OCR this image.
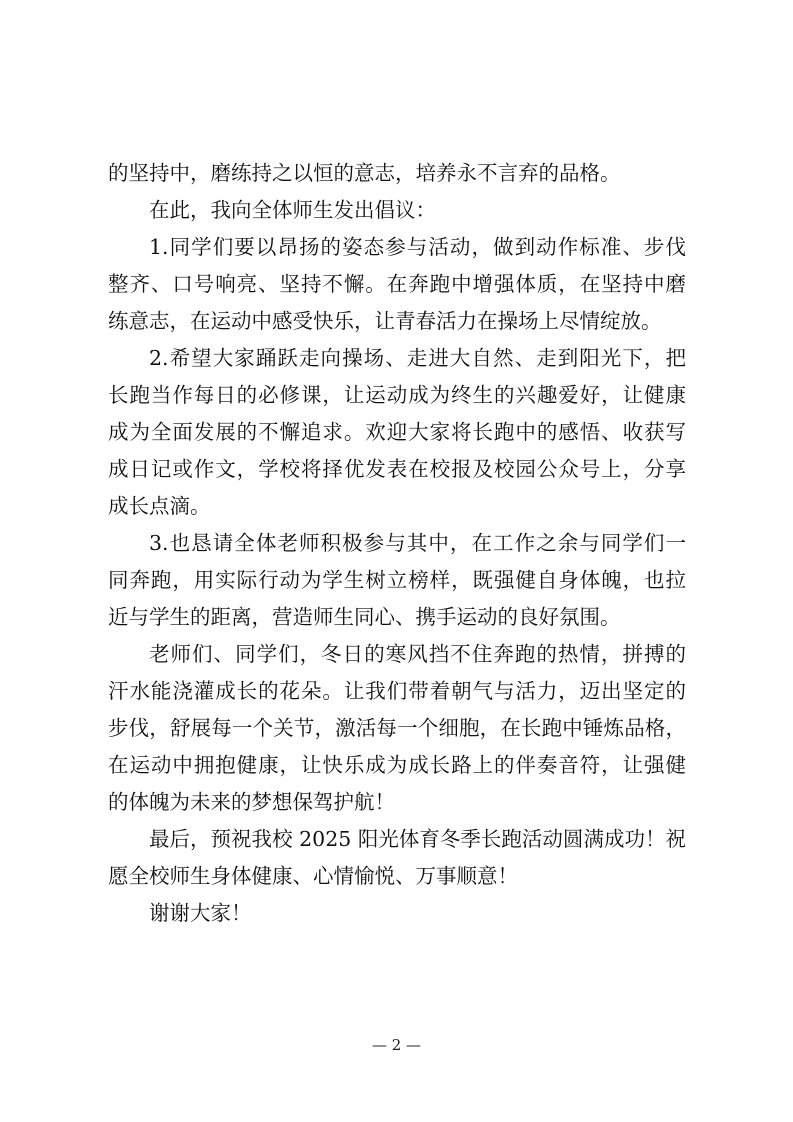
的坚持中，磨练持之以恒的意志，培养永不言弃的品格。
在此，我向全体师生发出倡议：
1.同学们要以昂扬的姿态参与活动，做到动作标准、步伐
整齐、口号响亮、坚持不懈。在奔跑中增强体质，在坚持中磨
练意志，在运动中感受快乐，让青春活力在操场上尽情绽放。
2.希望大家踊跃走向操场、走进大自然、走到阳光下，把
长跑当作每日的必修课，让运动成为终生的兴趣爱好，让健康
成为全面发展的不懈追求。欢迎大家将长跑中的感悟、收获写
成日记或作文，学校将择优发表在校报及校园公众号上，分享
成长点滴。
3.也恳请全体老师积极参与其中，在工作之余与同学们一
同奔跑，用实际行动为学生树立榜样，既强健自身体魄，也拉
近与学生的距离，营造师生同心、携手运动的良好氛围。
老师们、同学们，冬日的寒风挡不住奔跑的热情，拼搏的
汗水能浇灌成长的花朵。让我们带着朝气与活力，迈出坚定的
步伐，舒展每一个关节，激活每一个细胞，在长跑中锤炼品格，
在运动中拥抱健康，让快乐成为成长路上的伴奏音符，让强健
的体魄为未来的梦想保驾护航！
最后，预祝我校 2025 阳光体育冬季长跑活动圆满成功！祝
愿全校师生身体健康、心情愉悦、万事顺意！
谢谢大家！
— 2 —
